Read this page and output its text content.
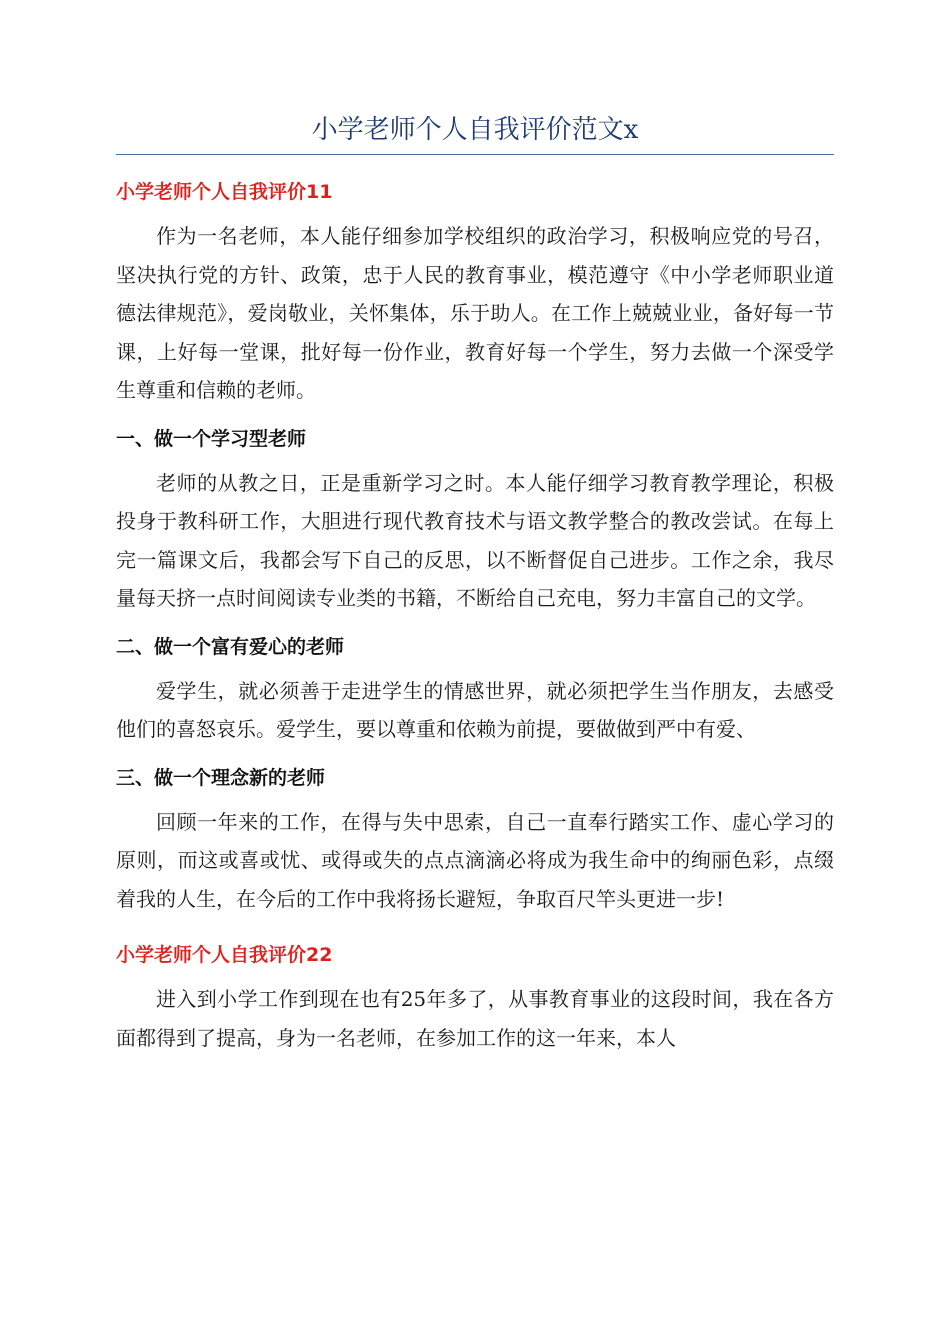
小学老师个人自我评价范文x
小学老师个人自我评价11

作为一名老师，本人能仔细参加学校组织的政治学习，积极响应党的号召，坚决执行党的方针、政策，忠于人民的教育事业，模范遵守《中小学老师职业道德法律规范》，爱岗敬业，关怀集体，乐于助人。在工作上兢兢业业，备好每一节课，上好每一堂课，批好每一份作业，教育好每一个学生，努力去做一个深受学生尊重和信赖的老师。

一、做一个学习型老师

老师的从教之日，正是重新学习之时。本人能仔细学习教育教学理论，积极投身于教科研工作，大胆进行现代教育技术与语文教学整合的教改尝试。在每上完一篇课文后，我都会写下自己的反思，以不断督促自己进步。工作之余，我尽量每天挤一点时间阅读专业类的书籍，不断给自己充电，努力丰富自己的文学。

二、做一个富有爱心的老师

爱学生，就必须善于走进学生的情感世界，就必须把学生当作朋友，去感受他们的喜怒哀乐。爱学生，要以尊重和依赖为前提，要做做到严中有爱、

三、做一个理念新的老师

回顾一年来的工作，在得与失中思索，自己一直奉行踏实工作、虚心学习的原则，而这或喜或忧、或得或失的点点滴滴必将成为我生命中的绚丽色彩，点缀着我的人生，在今后的工作中我将扬长避短，争取百尺竿头更进一步!

小学老师个人自我评价22

进入到小学工作到现在也有25年多了，从事教育事业的这段时间，我在各方面都得到了提高，身为一名老师，在参加工作的这一年来，本人
